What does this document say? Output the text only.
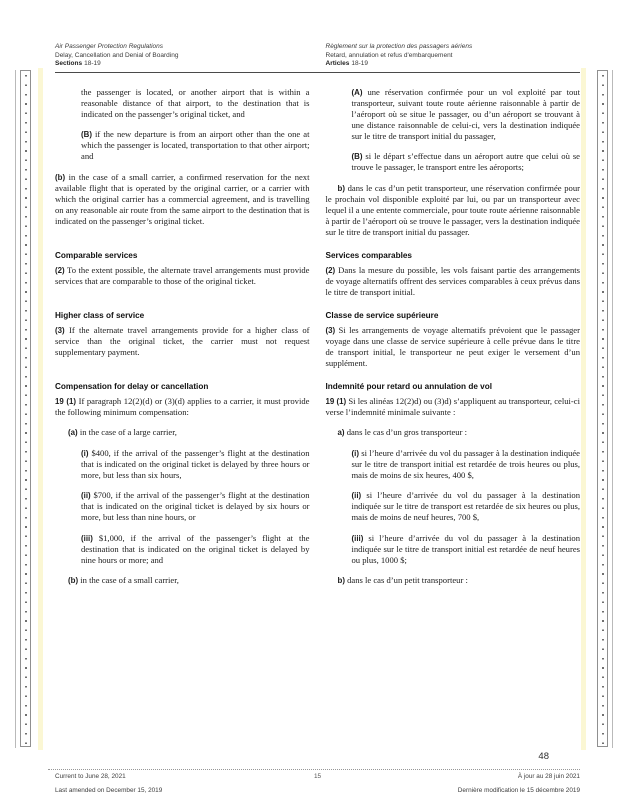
Air Passenger Protection Regulations
Delay, Cancellation and Denial of Boarding
Sections 18-19
Règlement sur la protection des passagers aériens
Retard, annulation et refus d'embarquement
Articles 18-19

the passenger is located, or another airport that is within a reasonable distance of that airport, to the destination that is indicated on the passenger’s original ticket, and

(B) if the new departure is from an airport other than the one at which the passenger is located, transportation to that other airport; and

(b) in the case of a small carrier, a confirmed reservation for the next available flight that is operated by the original carrier, or a carrier with which the original carrier has a commercial agreement, and is travelling on any reasonable air route from the same airport to the destination that is indicated on the passenger’s original ticket.

(A) une réservation confirmée pour un vol exploité par tout transporteur, suivant toute route aérienne raisonnable à partir de l’aéroport où se situe le passager, ou d’un aéroport se trouvant à une distance raisonnable de celui-ci, vers la destination indiquée sur le titre de transport initial du passager,

(B) si le départ s’effectue dans un aéroport autre que celui où se trouve le passager, le transport entre les aéroports;

b) dans le cas d’un petit transporteur, une réservation confirmée pour le prochain vol disponible exploité par lui, ou par un transporteur avec lequel il a une entente commerciale, pour toute route aérienne raisonnable à partir de l’aéroport où se trouve le passager, vers la destination indiquée sur le titre de transport initial du passager.

Comparable services

(2) To the extent possible, the alternate travel arrangements must provide services that are comparable to those of the original ticket.

Services comparables

(2) Dans la mesure du possible, les vols faisant partie des arrangements de voyage alternatifs offrent des services comparables à ceux prévus dans le titre de transport initial.

Higher class of service

(3) If the alternate travel arrangements provide for a higher class of service than the original ticket, the carrier must not request supplementary payment.

Classe de service supérieure

(3) Si les arrangements de voyage alternatifs prévoient que le passager voyage dans une classe de service supérieure à celle prévue dans le titre de transport initial, le transporteur ne peut exiger le versement d’un supplément.

Compensation for delay or cancellation

19 (1) If paragraph 12(2)(d) or (3)(d) applies to a carrier, it must provide the following minimum compensation:

(a) in the case of a large carrier,

(i) $400, if the arrival of the passenger’s flight at the destination that is indicated on the original ticket is delayed by three hours or more, but less than six hours,

(ii) $700, if the arrival of the passenger’s flight at the destination that is indicated on the original ticket is delayed by six hours or more, but less than nine hours, or

(iii) $1,000, if the arrival of the passenger’s flight at the destination that is indicated on the original ticket is delayed by nine hours or more; and

(b) in the case of a small carrier,

Indemnité pour retard ou annulation de vol

19 (1) Si les alinéas 12(2)d) ou (3)d) s’appliquent au transporteur, celui-ci verse l’indemnité minimale suivante :

a) dans le cas d’un gros transporteur :

(i) si l’heure d’arrivée du vol du passager à la destination indiquée sur le titre de transport initial est retardée de trois heures ou plus, mais de moins de six heures, 400 $,

(ii) si l’heure d’arrivée du vol du passager à la destination indiquée sur le titre de transport est retardée de six heures ou plus, mais de moins de neuf heures, 700 $,

(iii) si l’heure d’arrivée du vol du passager à la destination indiquée sur le titre de transport initial est retardée de neuf heures ou plus, 1000 $;

b) dans le cas d’un petit transporteur :

48
Current to June 28, 2021	15	À jour au 28 juin 2021
Last amended on December 15, 2019	Dernière modification le 15 décembre 2019
